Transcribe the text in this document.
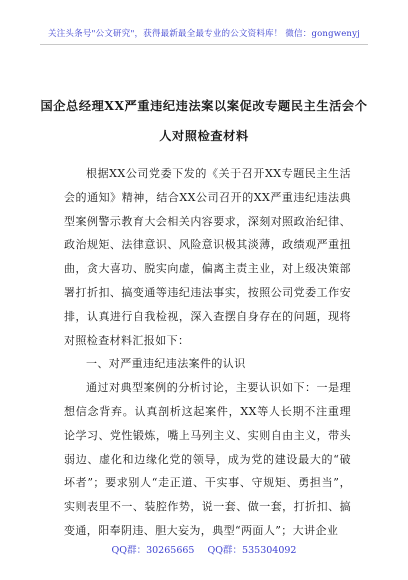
关注头条号"公文研究"，获得最新最全最专业的公文资料库！ 微信：gongwenyj
国企总经理XX严重违纪违法案以案促改专题民主生活会个
人对照检查材料

根据XX公司党委下发的《关于召开XX专题民主生活会的通知》精神，结合XX公司召开的XX严重违纪违法典型案例警示教育大会相关内容要求，深刻对照政治纪律、政治规矩、法律意识、风险意识极其淡薄，政绩观严重扭曲，贪大喜功、脱实向虚，偏离主责主业，对上级决策部署打折扣、搞变通等违纪违法事实，按照公司党委工作安排，认真进行自我检视，深入查摆自身存在的问题，现将对照检查材料汇报如下：

一、对严重违纪违法案件的认识

通过对典型案例的分析讨论，主要认识如下：一是理想信念背弃。认真剖析这起案件，XX等人长期不注重理论学习、党性锻炼，嘴上马列主义、实则自由主义，带头弱边、虚化和边缘化党的领导，成为党的建设最大的“破坏者”；要求别人“走正道、干实事、守规矩、勇担当”，实则表里不一、装腔作势，说一套、做一套，打折扣、搞变通，阳奉阴违、胆大妄为，典型“两面人”；大讲企业

QQ群：30265665 QQ群：535304092
